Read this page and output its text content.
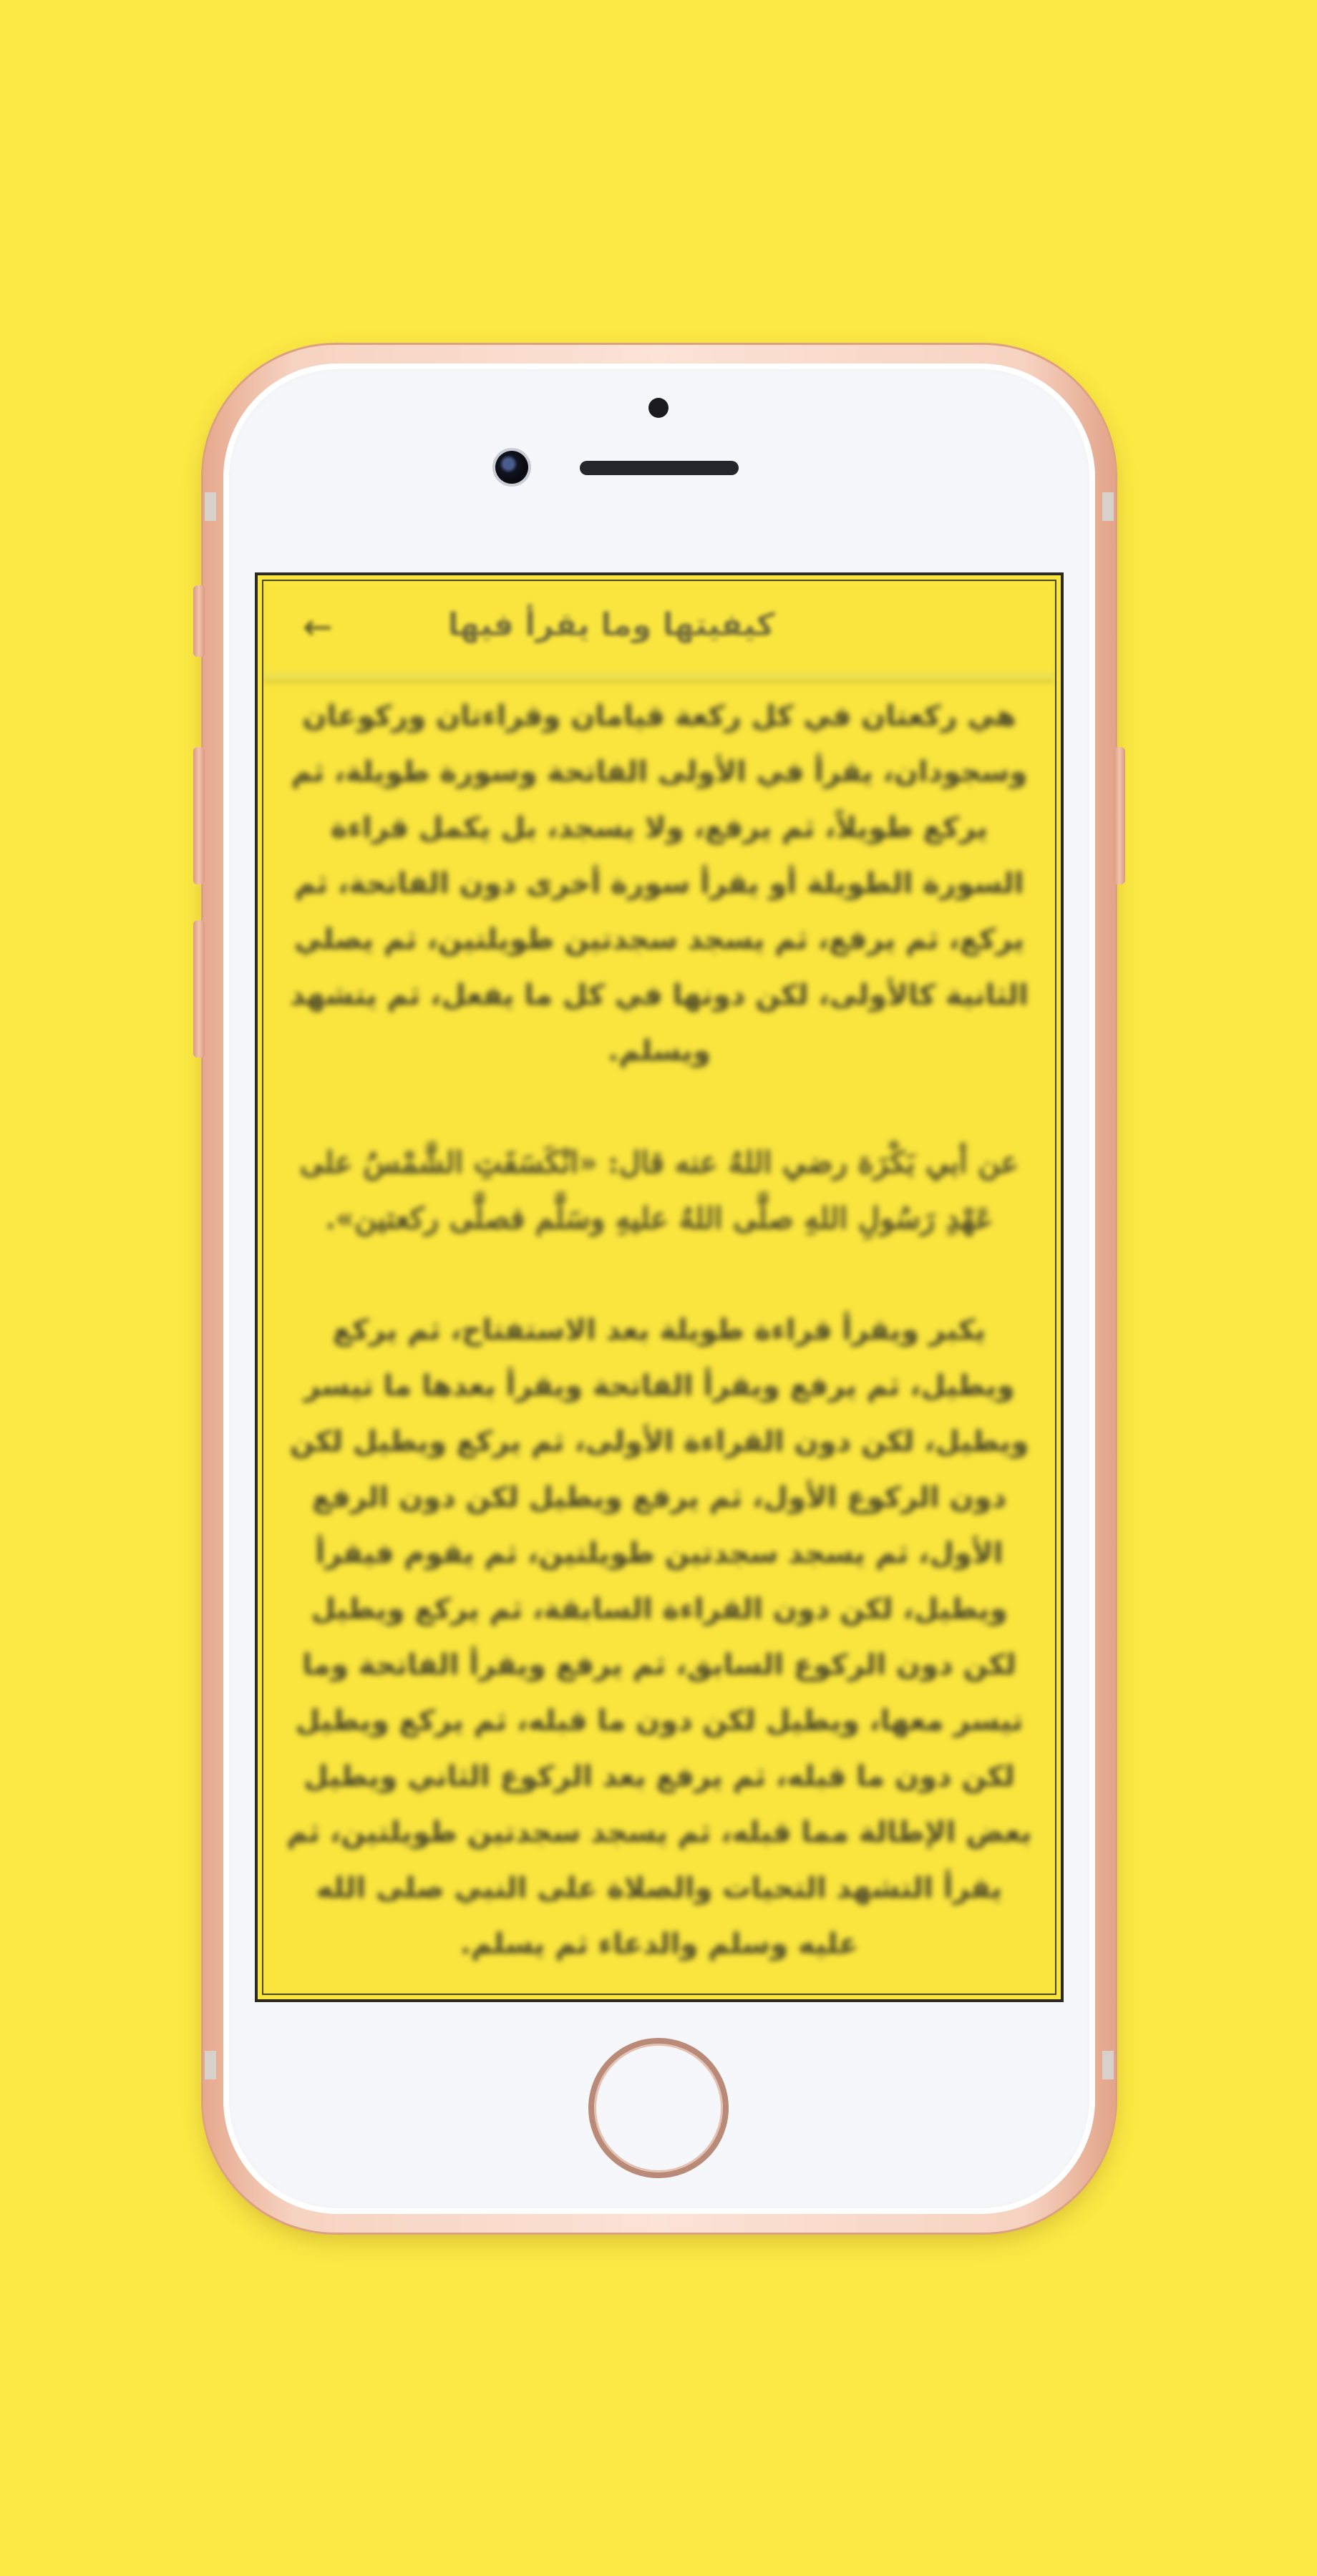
←	كيفيتها وما يقرأ فيها

هي ركعتان في كل ركعة قيامان وقراءتان وركوعان وسجودان، يقرأ في الأولى الفاتحة وسورة طويلة، ثم يركع طويلاً، ثم يرفع، ولا يسجد، بل يكمل قراءة السورة الطويلة أو يقرأ سورة أخرى دون الفاتحة، ثم يركع، ثم يرفع، ثم يسجد سجدتين طويلتين، ثم يصلي الثانية كالأولى، لكن دونها في كل ما يفعل، ثم يتشهد ويسلم.

عن أبي بَكْرَة رضي اللهُ عنه قال: «انْكَسَفَتِ الشَّمْسُ على عَهْدِ رَسُولِ اللهِ صلَّى اللهُ عليهِ وسَلَّم فصلَّى ركعتين».

يكبر ويقرأ قراءة طويلة بعد الاستفتاح، ثم يركع ويطيل، ثم يرفع ويقرأ الفاتحة ويقرأ بعدها ما تيسر ويطيل، لكن دون القراءة الأولى، ثم يركع ويطيل لكن دون الركوع الأول، ثم يرفع ويطيل لكن دون الرفع الأول، ثم يسجد سجدتين طويلتين، ثم يقوم فيقرأ ويطيل، لكن دون القراءة السابقة، ثم يركع ويطيل لكن دون الركوع السابق، ثم يرفع ويقرأ الفاتحة وما تيسر معها، ويطيل لكن دون ما قبله، ثم يركع ويطيل لكن دون ما قبله، ثم يرفع بعد الركوع الثاني ويطيل بعض الإطالة مما قبله، ثم يسجد سجدتين طويلتين، ثم يقرأ التشهد التحيات والصلاة على النبي صلى الله عليه وسلم والدعاء ثم يسلم.
